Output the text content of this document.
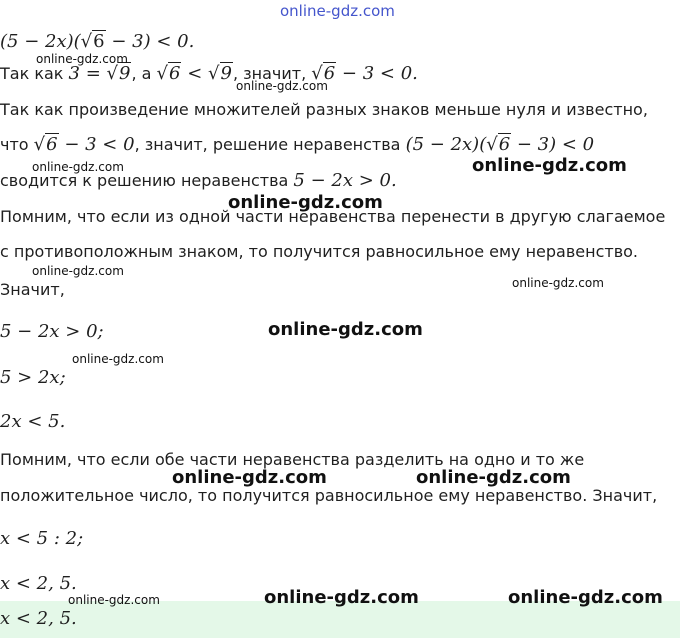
online-gdz.com
(5 − 2x)(√6 − 3) < 0.
Так как 3 = √9, а √6 < √9, значит, √6 − 3 < 0.
Так как произведение множителей разных знаков меньше нуля и известно,
что √6 − 3 < 0, значит, решение неравенства (5 − 2x)(√6 − 3) < 0
сводится к решению неравенства 5 − 2x > 0.
Помним, что если из одной части неравенства перенести в другую слагаемое
с противоположным знаком, то получится равносильное ему неравенство.
Значит,
5 − 2x > 0;
5 > 2x;
2x < 5.
Помним, что если обе части неравенства разделить на одно и то же
положительное число, то получится равносильное ему неравенство. Значит,
x < 5 : 2;
x < 2, 5.
x < 2, 5.
online-gdz.com
online-gdz.com
online-gdz.com	online-gdz.com
online-gdz.com
online-gdz.com
online-gdz.com
online-gdz.com
online-gdz.com
online-gdz.com	online-gdz.com
online-gdz.com	online-gdz.com	online-gdz.com
